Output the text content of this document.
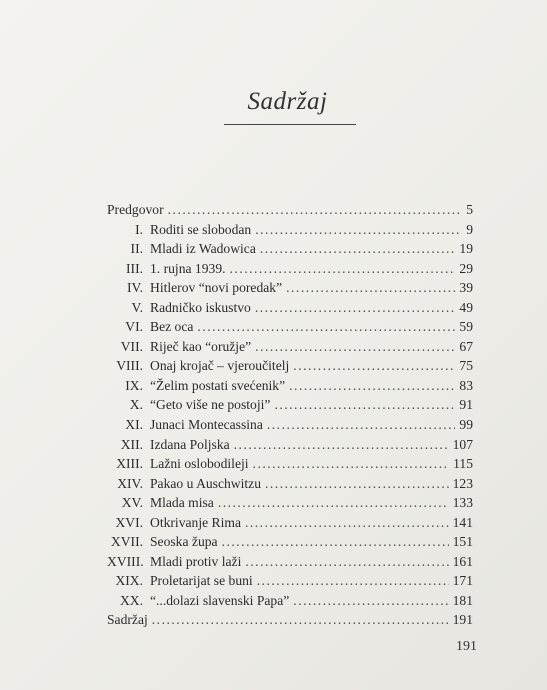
Sadržaj
Predgovor .....	5
I. Roditi se slobodan .....	9
II. Mladi iz Wadowica .....	19
III. 1. rujna 1939. .....	29
IV. Hitlerov “novi poredak” .....	39
V. Radničko iskustvo .....	49
VI. Bez oca .....	59
VII. Riječ kao “oružje” .....	67
VIII. Onaj krojač – vjeroučitelj .....	75
IX. “Želim postati svećenik” .....	83
X. “Geto više ne postoji” .....	91
XI. Junaci Montecassina .....	99
XII. Izdana Poljska .....	107
XIII. Lažni oslobodileji .....	115
XIV. Pakao u Auschwitzu .....	123
XV. Mlada misa .....	133
XVI. Otkrivanje Rima .....	141
XVII. Seoska župa .....	151
XVIII. Mladi protiv laži .....	161
XIX. Proletarijat se buni .....	171
XX. “...dolazi slavenski Papa” .....	181
Sadržaj .....	191
191
